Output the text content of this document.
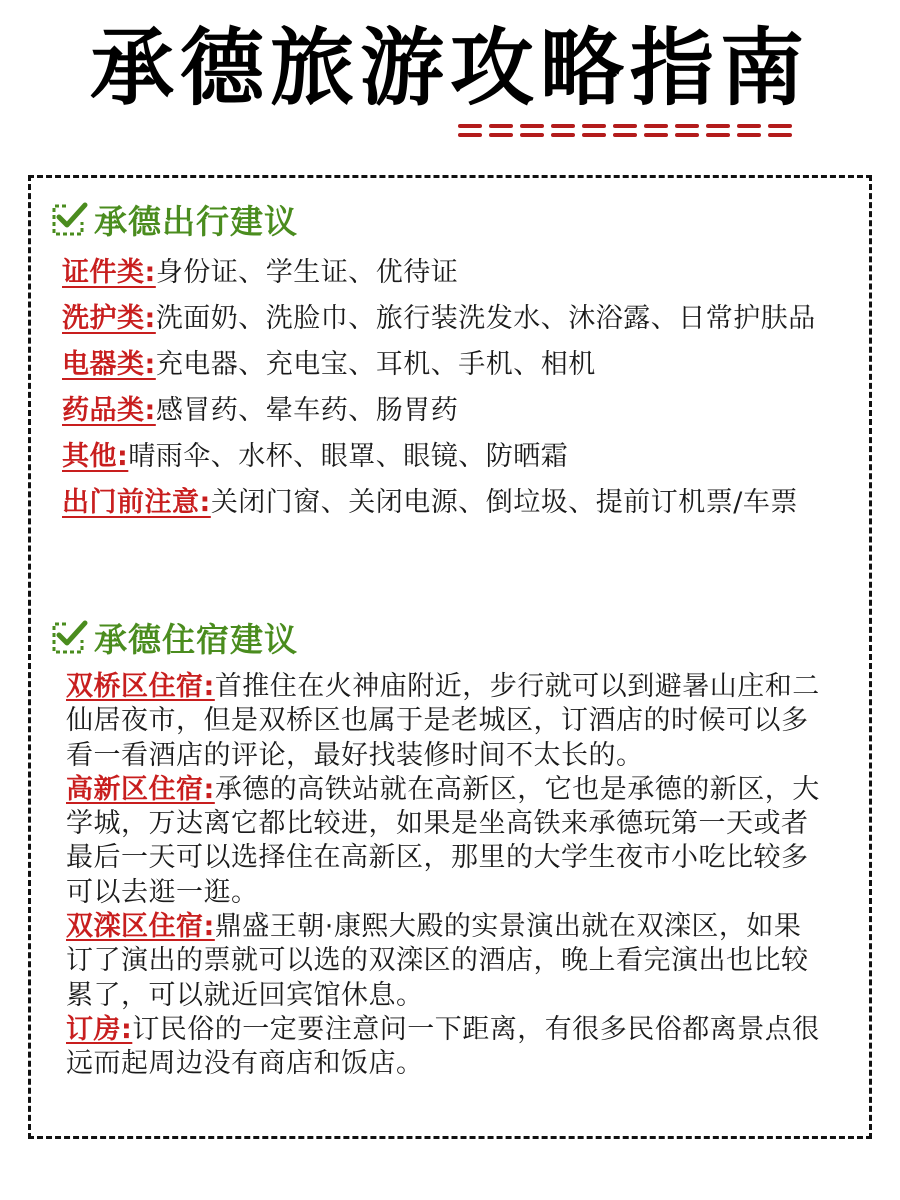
承德旅游攻略指南
承德出行建议
证件类:身份证、学生证、优待证
洗护类:洗面奶、洗脸巾、旅行装洗发水、沐浴露、日常护肤品
电器类:充电器、充电宝、耳机、手机、相机
药品类:感冒药、晕车药、肠胃药
其他:晴雨伞、水杯、眼罩、眼镜、防晒霜
出门前注意:关闭门窗、关闭电源、倒垃圾、提前订机票/车票
承德住宿建议
双桥区住宿:首推住在火神庙附近，步行就可以到避暑山庄和二仙居夜市，但是双桥区也属于是老城区，订酒店的时候可以多看一看酒店的评论，最好找装修时间不太长的。
高新区住宿:承德的高铁站就在高新区，它也是承德的新区，大学城，万达离它都比较进，如果是坐高铁来承德玩第一天或者最后一天可以选择住在高新区，那里的大学生夜市小吃比较多可以去逛一逛。
双滦区住宿:鼎盛王朝·康熙大殿的实景演出就在双滦区，如果订了演出的票就可以选的双滦区的酒店，晚上看完演出也比较累了，可以就近回宾馆休息。
订房:订民俗的一定要注意问一下距离，有很多民俗都离景点很远而起周边没有商店和饭店。
